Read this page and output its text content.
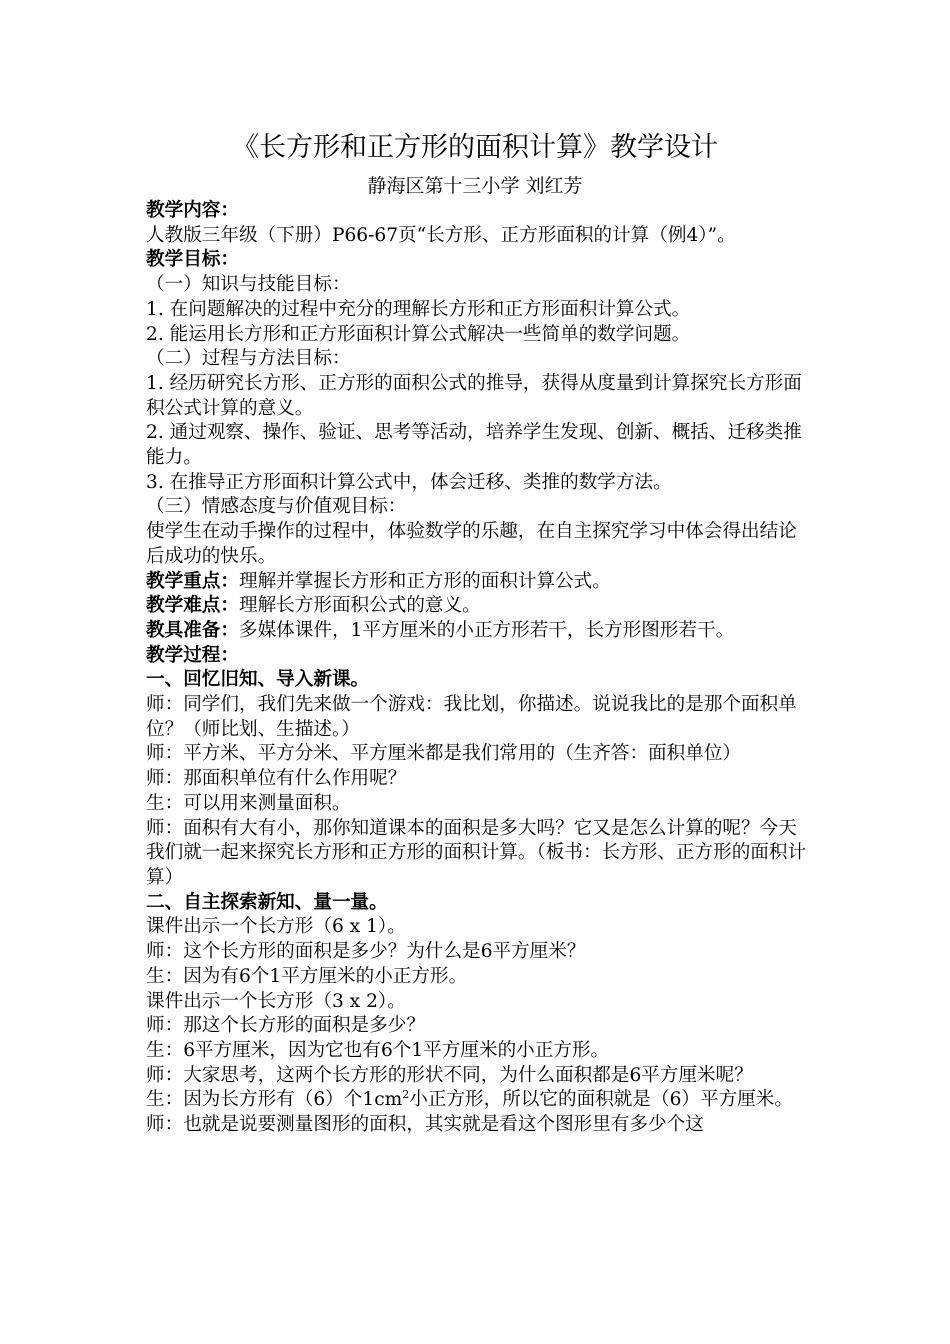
《长方形和正方形的面积计算》教学设计
静海区第十三小学 刘红芳

教学内容：

人教版三年级（下册）P66-67页“长方形、正方形面积的计算（例4）”。

教学目标：

（一）知识与技能目标：

1. 在问题解决的过程中充分的理解长方形和正方形面积计算公式。

2. 能运用长方形和正方形面积计算公式解决一些简单的数学问题。

（二）过程与方法目标：

1. 经历研究长方形、正方形的面积公式的推导，获得从度量到计算探究长方形面积公式计算的意义。

2. 通过观察、操作、验证、思考等活动，培养学生发现、创新、概括、迁移类推能力。

3. 在推导正方形面积计算公式中，体会迁移、类推的数学方法。

（三）情感态度与价值观目标：

使学生在动手操作的过程中，体验数学的乐趣，在自主探究学习中体会得出结论后成功的快乐。

教学重点：理解并掌握长方形和正方形的面积计算公式。

教学难点：理解长方形面积公式的意义。

教具准备：多媒体课件，1平方厘米的小正方形若干，长方形图形若干。

教学过程：

一、回忆旧知、导入新课。

师：同学们，我们先来做一个游戏：我比划，你描述。说说我比的是那个面积单位？（师比划、生描述。）

师：平方米、平方分米、平方厘米都是我们常用的（生齐答：面积单位）

师：那面积单位有什么作用呢？

生：可以用来测量面积。

师：面积有大有小，那你知道课本的面积是多大吗？它又是怎么计算的呢？今天我们就一起来探究长方形和正方形的面积计算。（板书：长方形、正方形的面积计算）

二、自主探索新知、量一量。

课件出示一个长方形（6 x 1）。

师：这个长方形的面积是多少？为什么是6平方厘米？

生：因为有6个1平方厘米的小正方形。

课件出示一个长方形（3 x 2）。

师：那这个长方形的面积是多少？

生：6平方厘米，因为它也有6个1平方厘米的小正方形。

师：大家思考，这两个长方形的形状不同，为什么面积都是6平方厘米呢？

生：因为长方形有（6）个$1cm^2$小正方形，所以它的面积就是（6）平方厘米。

师：也就是说要测量图形的面积，其实就是看这个图形里有多少个这
